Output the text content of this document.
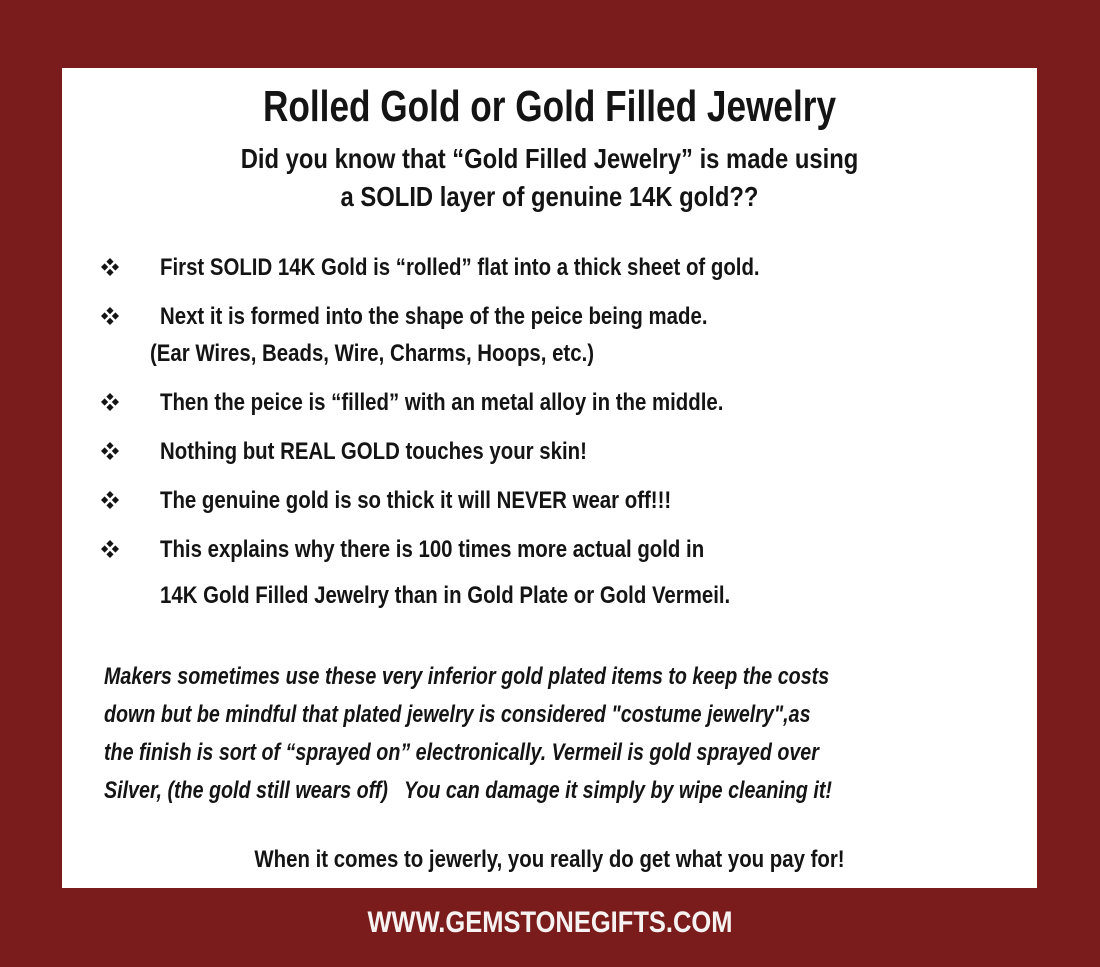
Rolled Gold or Gold Filled Jewelry
Did you know that “Gold Filled Jewelry” is made using
a SOLID layer of genuine 14K gold??
First SOLID 14K Gold is “rolled” flat into a thick sheet of gold.
Next it is formed into the shape of the peice being made.
(Ear Wires, Beads, Wire, Charms, Hoops, etc.)
Then the peice is “filled” with an metal alloy in the middle.
Nothing but REAL GOLD touches your skin!
The genuine gold is so thick it will NEVER wear off!!!
This explains why there is 100 times more actual gold in
14K Gold Filled Jewelry than in Gold Plate or Gold Vermeil.
Makers sometimes use these very inferior gold plated items to keep the costs
down but be mindful that plated jewelry is considered "costume jewelry",as
the finish is sort of “sprayed on” electronically. Vermeil is gold sprayed over
Silver, (the gold still wears off)   You can damage it simply by wipe cleaning it!
When it comes to jewerly, you really do get what you pay for!
WWW.GEMSTONEGIFTS.COM
